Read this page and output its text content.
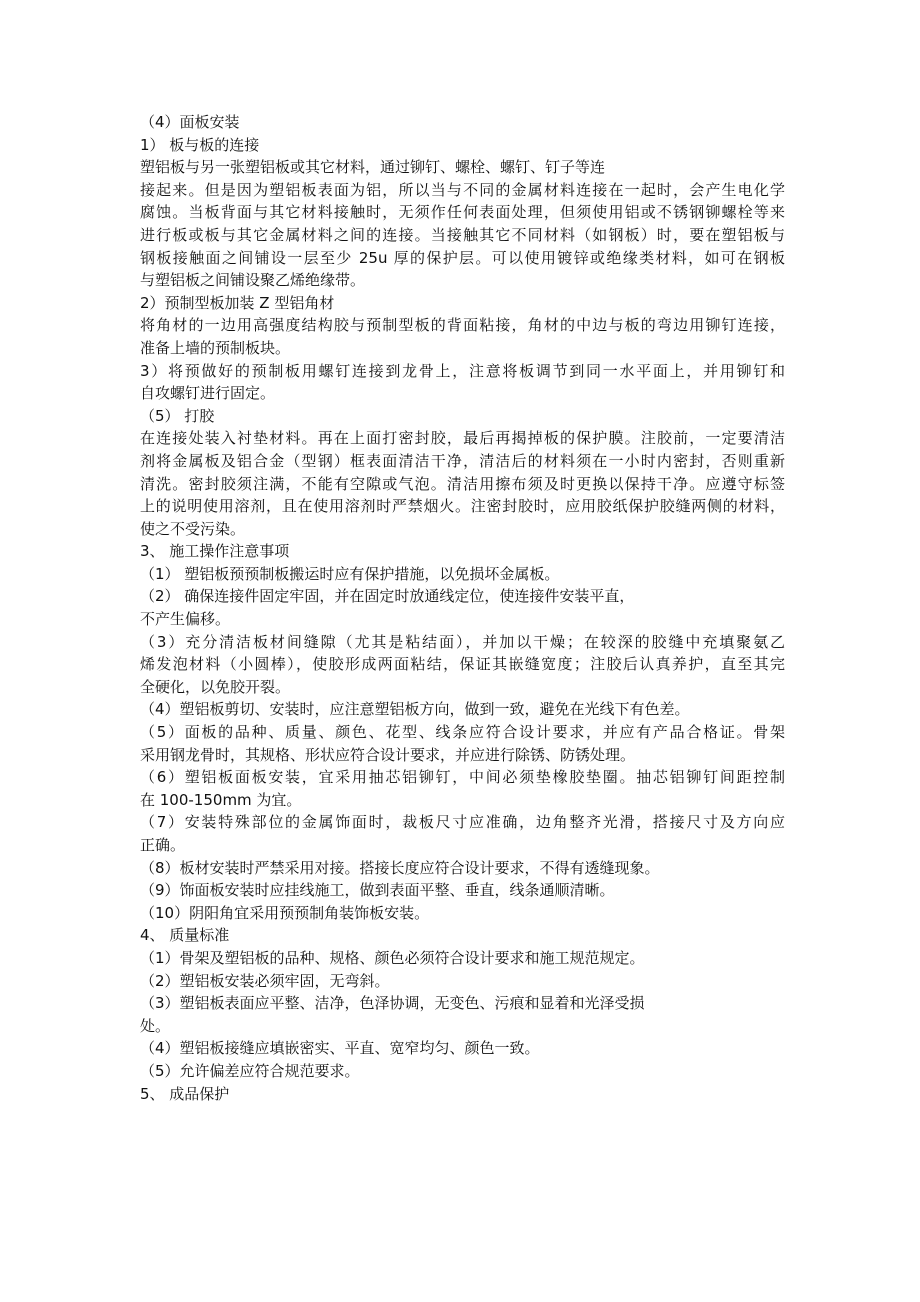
（4）面板安装
1） 板与板的连接
塑铝板与另一张塑铝板或其它材料，通过铆钉、螺栓、螺钉、钉子等连
接起来。但是因为塑铝板表面为铝，所以当与不同的金属材料连接在一起时，会产生电化学
腐蚀。当板背面与其它材料接触时，无须作任何表面处理，但须使用铝或不锈钢铆螺栓等来
进行板或板与其它金属材料之间的连接。当接触其它不同材料（如钢板）时，要在塑铝板与
钢板接触面之间铺设一层至少 25u 厚的保护层。可以使用镀锌或绝缘类材料，如可在钢板
与塑铝板之间铺设聚乙烯绝缘带。
2）预制型板加装 Z 型铝角材
将角材的一边用高强度结构胶与预制型板的背面粘接，角材的中边与板的弯边用铆钉连接，
准备上墙的预制板块。
3）将预做好的预制板用螺钉连接到龙骨上，注意将板调节到同一水平面上，并用铆钉和
自攻螺钉进行固定。
（5） 打胶
在连接处装入衬垫材料。再在上面打密封胶，最后再揭掉板的保护膜。注胶前，一定要清洁
剂将金属板及铝合金（型钢）框表面清洁干净，清洁后的材料须在一小时内密封，否则重新
清洗。密封胶须注满，不能有空隙或气泡。清洁用擦布须及时更换以保持干净。应遵守标签
上的说明使用溶剂，且在使用溶剂时严禁烟火。注密封胶时，应用胶纸保护胶缝两侧的材料，
使之不受污染。
3、 施工操作注意事项
（1） 塑铝板预预制板搬运时应有保护措施，以免损坏金属板。
（2） 确保连接件固定牢固，并在固定时放通线定位，使连接件安装平直，
不产生偏移。
（3）充分清洁板材间缝隙（尤其是粘结面），并加以干燥；在较深的胶缝中充填聚氨乙
烯发泡材料（小圆棒），使胶形成两面粘结，保证其嵌缝宽度；注胶后认真养护，直至其完
全硬化，以免胶开裂。
（4）塑铝板剪切、安装时，应注意塑铝板方向，做到一致，避免在光线下有色差。
（5）面板的品种、质量、颜色、花型、线条应符合设计要求，并应有产品合格证。骨架
采用钢龙骨时，其规格、形状应符合设计要求，并应进行除锈、防锈处理。
（6）塑铝板面板安装，宜采用抽芯铝铆钉，中间必须垫橡胶垫圈。抽芯铝铆钉间距控制
在 100-150mm 为宜。
（7）安装特殊部位的金属饰面时，裁板尺寸应准确，边角整齐光滑，搭接尺寸及方向应
正确。
（8）板材安装时严禁采用对接。搭接长度应符合设计要求，不得有透缝现象。
（9）饰面板安装时应挂线施工，做到表面平整、垂直，线条通顺清晰。
（10）阴阳角宜采用预预制角装饰板安装。
4、 质量标准
（1）骨架及塑铝板的品种、规格、颜色必须符合设计要求和施工规范规定。
（2）塑铝板安装必须牢固，无弯斜。
（3）塑铝板表面应平整、洁净，色泽协调，无变色、污痕和显着和光泽受损
处。
（4）塑铝板接缝应填嵌密实、平直、宽窄均匀、颜色一致。
（5）允许偏差应符合规范要求。
5、 成品保护
